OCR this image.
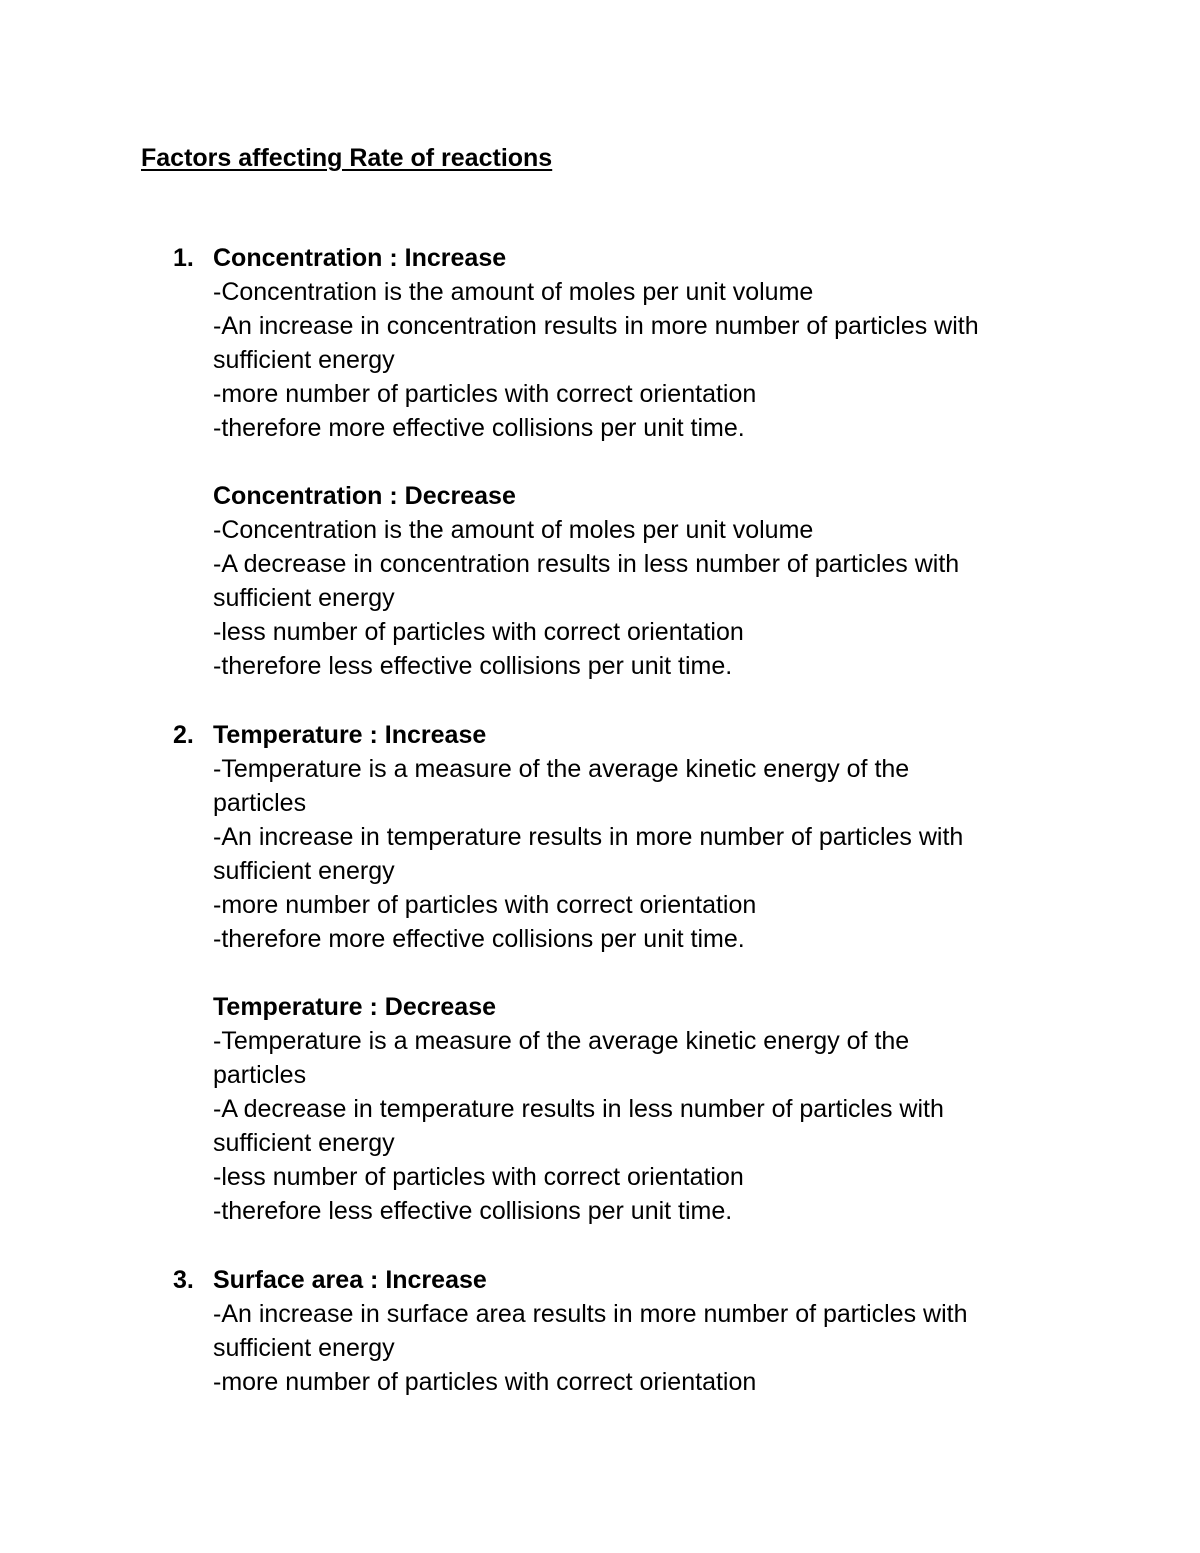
Factors affecting Rate of reactions
1. Concentration : Increase
-Concentration is the amount of moles per unit volume
-An increase in concentration results in more number of particles with
sufficient energy
-more number of particles with correct orientation
-therefore more effective collisions per unit time.
Concentration : Decrease
-Concentration is the amount of moles per unit volume
-A decrease in concentration results in less number of particles with
sufficient energy
-less number of particles with correct orientation
-therefore less effective collisions per unit time.
2. Temperature : Increase
-Temperature is a measure of the average kinetic energy of the
particles
-An increase in temperature results in more number of particles with
sufficient energy
-more number of particles with correct orientation
-therefore more effective collisions per unit time.
Temperature : Decrease
-Temperature is a measure of the average kinetic energy of the
particles
-A decrease in temperature results in less number of particles with
sufficient energy
-less number of particles with correct orientation
-therefore less effective collisions per unit time.
3. Surface area : Increase
-An increase in surface area results in more number of particles with
sufficient energy
-more number of particles with correct orientation
